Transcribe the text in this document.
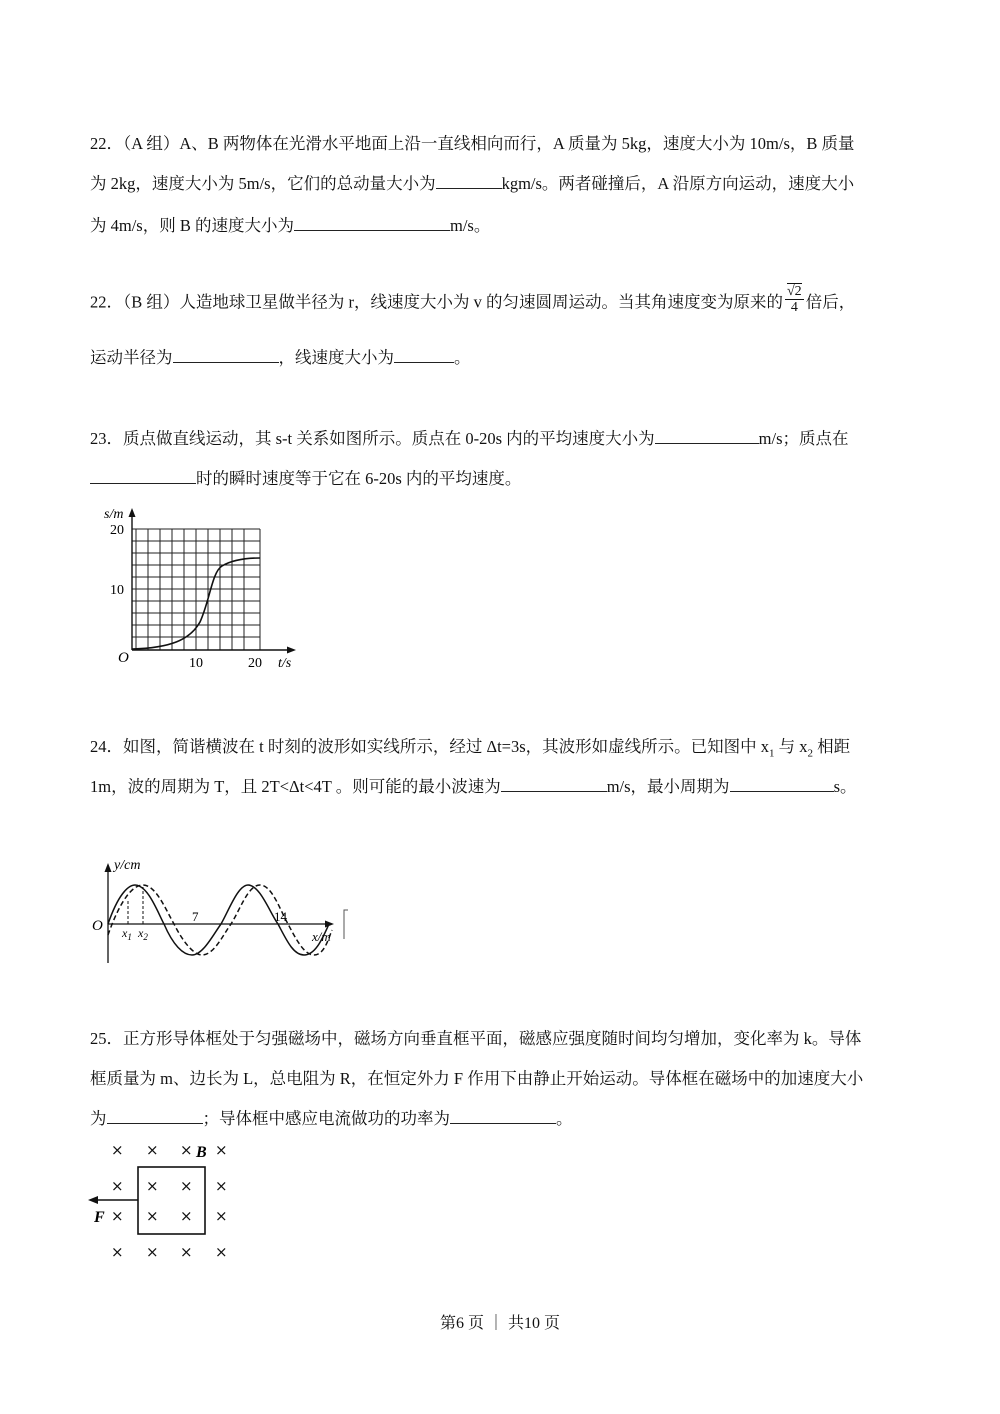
22．（A 组）A、B 两物体在光滑水平地面上沿一直线相向而行，A 质量为 5kg，速度大小为 10m/s，B 质量
为 2kg，速度大小为 5m/s，它们的总动量大小为	kgm/s。两者碰撞后，A 沿原方向运动，速度大小
为 4m/s，则 B 的速度大小为	m/s。
22．（B 组）人造地球卫星做半径为 r，线速度大小为 v 的匀速圆周运动。当其角速度变为原来的 $\frac{√2}{4}$ 倍后，
运动半径为	，线速度大小为	。
23．质点做直线运动，其 s-t 关系如图所示。质点在 0-20s 内的平均速度大小为	m/s；质点在
时的瞬时速度等于它在 6-20s 内的平均速度。
s/m
20
10
O	10	20 t/s
24．如图，简谐横波在 t 时刻的波形如实线所示，经过 Δt=3s，其波形如虚线所示。已知图中 $x_1$ 与 $x_2$ 相距
1m，波的周期为 T，且 2T<Δt<4T 。则可能的最小波速为	m/s，最小周期为	s。
y/cm
O
7	14
x/m
$x_1$ $x_2$
25．正方形导体框处于匀强磁场中，磁场方向垂直框平面，磁感应强度随时间均匀增加，变化率为 k。导体
框质量为 m、边长为 L，总电阻为 R，在恒定外力 F 作用下由静止开始运动。导体框在磁场中的加速度大小
为	；导体框中感应电流做功的功率为	。
× × × ×
× × × ×
× × × ×
× × × ×
B
F
第6 页 ｜ 共10 页
